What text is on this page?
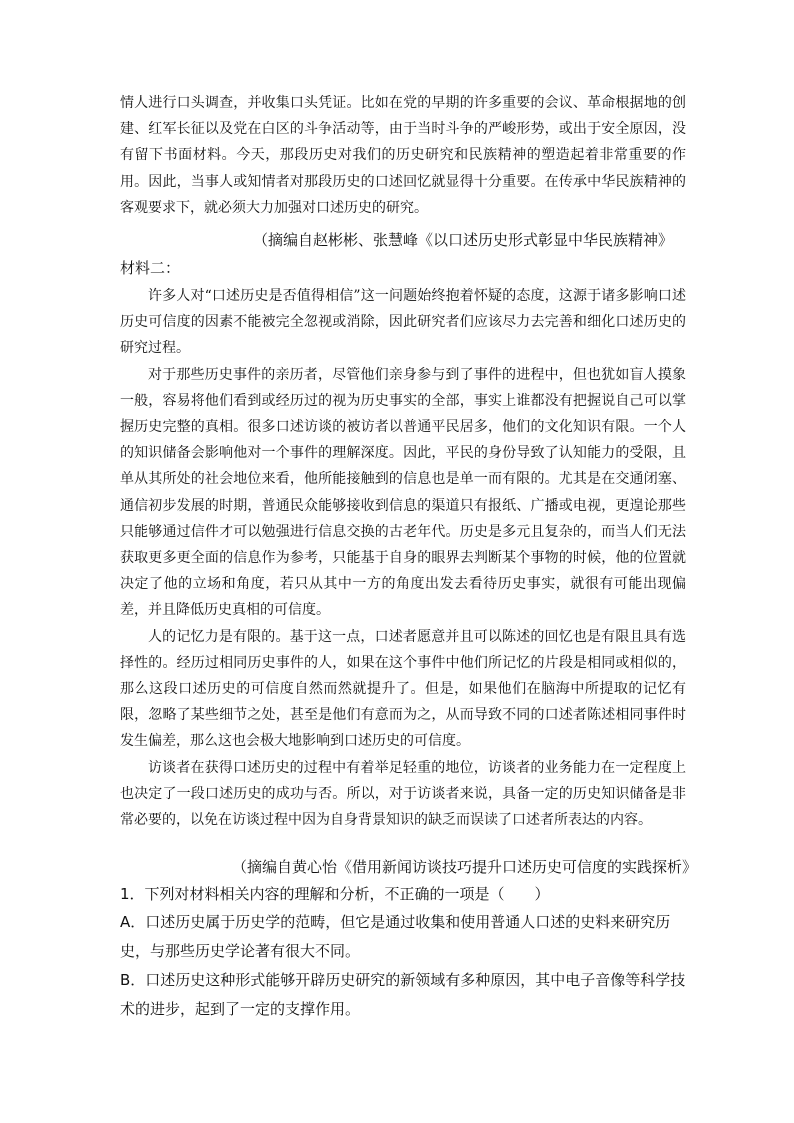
情人进行口头调查，并收集口头凭证。比如在党的早期的许多重要的会议、革命根据地的创建、红军长征以及党在白区的斗争活动等，由于当时斗争的严峻形势，或出于安全原因，没有留下书面材料。今天，那段历史对我们的历史研究和民族精神的塑造起着非常重要的作用。因此，当事人或知情者对那段历史的口述回忆就显得十分重要。在传承中华民族精神的客观要求下，就必须大力加强对口述历史的研究。

（摘编自赵彬彬、张慧峰《以口述历史形式彰显中华民族精神》
材料二：

许多人对“口述历史是否值得相信”这一问题始终抱着怀疑的态度，这源于诸多影响口述历史可信度的因素不能被完全忽视或消除，因此研究者们应该尽力去完善和细化口述历史的研究过程。

对于那些历史事件的亲历者，尽管他们亲身参与到了事件的进程中，但也犹如盲人摸象一般，容易将他们看到或经历过的视为历史事实的全部，事实上谁都没有把握说自己可以掌握历史完整的真相。很多口述访谈的被访者以普通平民居多，他们的文化知识有限。一个人的知识储备会影响他对一个事件的理解深度。因此，平民的身份导致了认知能力的受限，且单从其所处的社会地位来看，他所能接触到的信息也是单一而有限的。尤其是在交通闭塞、通信初步发展的时期，普通民众能够接收到信息的渠道只有报纸、广播或电视，更遑论那些只能够通过信件才可以勉强进行信息交换的古老年代。历史是多元且复杂的，而当人们无法获取更多更全面的信息作为参考，只能基于自身的眼界去判断某个事物的时候，他的位置就决定了他的立场和角度，若只从其中一方的角度出发去看待历史事实，就很有可能出现偏差，并且降低历史真相的可信度。

人的记忆力是有限的。基于这一点，口述者愿意并且可以陈述的回忆也是有限且具有选择性的。经历过相同历史事件的人，如果在这个事件中他们所记忆的片段是相同或相似的，那么这段口述历史的可信度自然而然就提升了。但是，如果他们在脑海中所提取的记忆有限，忽略了某些细节之处，甚至是他们有意而为之，从而导致不同的口述者陈述相同事件时发生偏差，那么这也会极大地影响到口述历史的可信度。

访谈者在获得口述历史的过程中有着举足轻重的地位，访谈者的业务能力在一定程度上也决定了一段口述历史的成功与否。所以，对于访谈者来说，具备一定的历史知识储备是非常必要的，以免在访谈过程中因为自身背景知识的缺乏而误读了口述者所表达的内容。

（摘编自黄心怡《借用新闻访谈技巧提升口述历史可信度的实践探析》

1．下列对材料相关内容的理解和分析，不正确的一项是（　　）

A．口述历史属于历史学的范畴，但它是通过收集和使用普通人口述的史料来研究历史，与那些历史学论著有很大不同。

B．口述历史这种形式能够开辟历史研究的新领域有多种原因，其中电子音像等科学技术的进步，起到了一定的支撑作用。
